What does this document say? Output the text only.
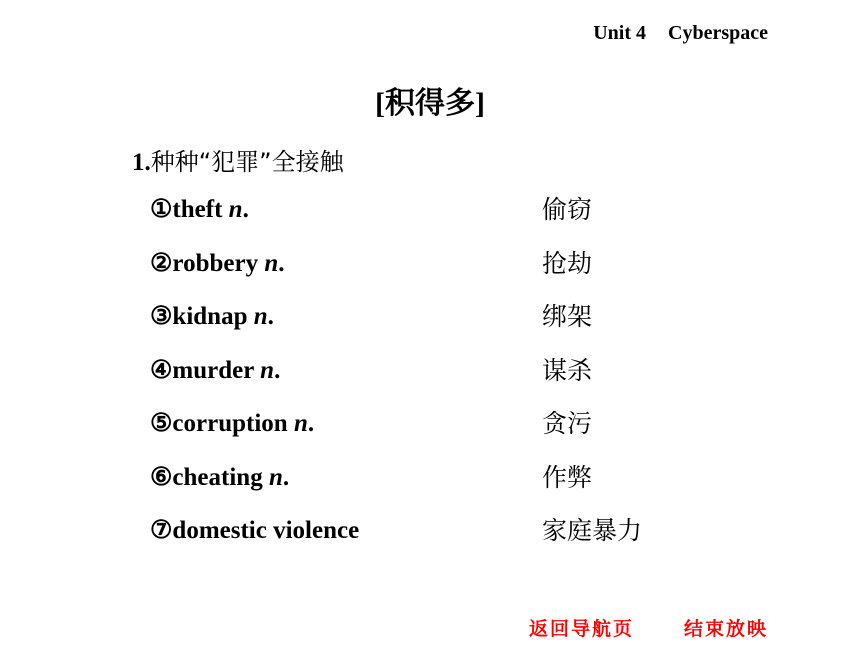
Unit 4 Cyberspace
[积得多]
1.种种“犯罪”全接触
①theft n.	偷窃
②robbery n.	抢劫
③kidnap n.	绑架
④murder n.	谋杀
⑤corruption n.	贪污
⑥cheating n.	作弊
⑦domestic violence	家庭暴力
返回导航页	结束放映
